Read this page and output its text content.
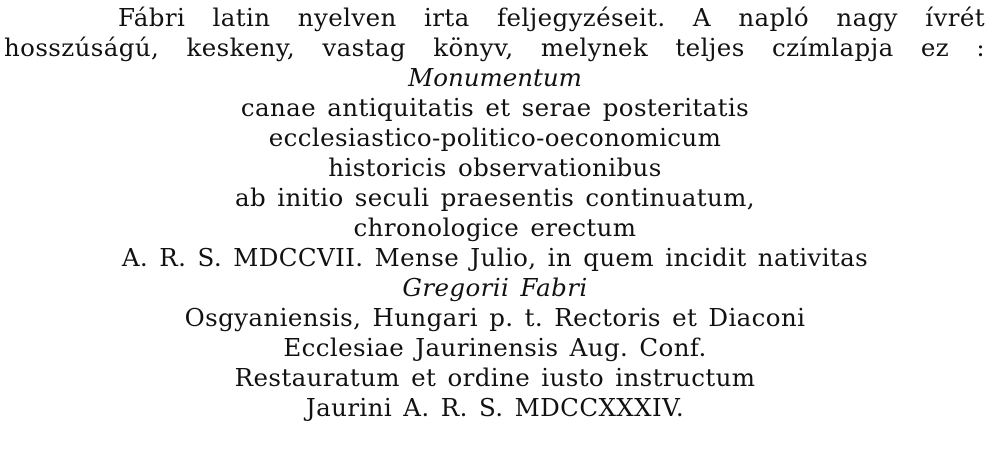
Fábri latin nyelven irta feljegyzéseit. A napló nagy ívrét
hosszúságú, keskeny, vastag könyv, melynek teljes czímlapja ez :

Monumentum
canae antiquitatis et serae posteritatis
ecclesiastico-politico-oeconomicum
historicis observationibus
ab initio seculi praesentis continuatum,
chronologice erectum
A. R. S. MDCCVII. Mense Julio, in quem incidit nativitas
Gregorii Fabri
Osgyaniensis, Hungari p. t. Rectoris et Diaconi
Ecclesiae Jaurinensis Aug. Conf.
Restauratum et ordine iusto instructum
Jaurini A. R. S. MDCCXXXIV.
